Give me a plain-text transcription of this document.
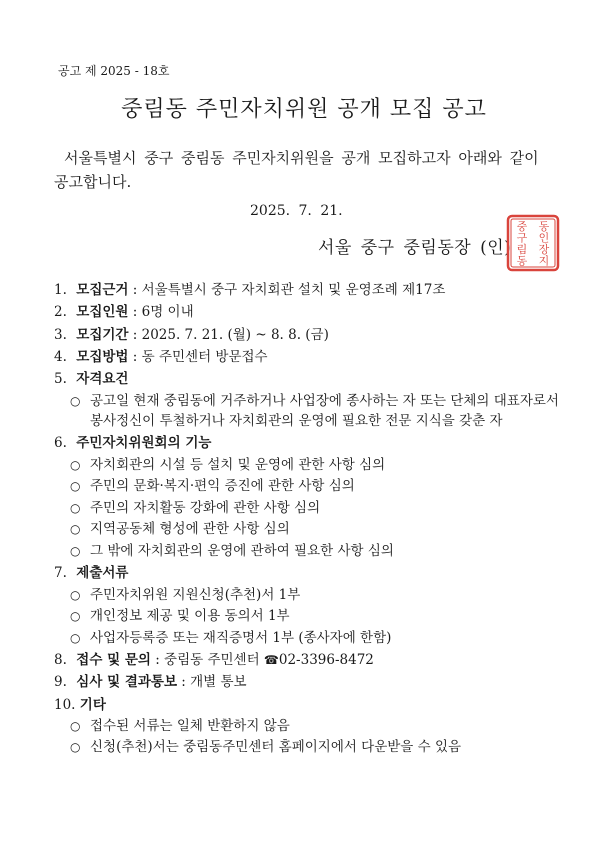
공고 제 2025 - 18호
중림동 주민자치위원 공개 모집 공고
서울특별시 중구 중림동 주민자치위원을 공개 모집하고자 아래와 같이 공고합니다.
2025. 7. 21.
서울 중구 중림동장 (인)
중
구
림
동
동
인
장
지
1. 모집근거 : 서울특별시 중구 자치회관 설치 및 운영조례 제17조
2. 모집인원 : 6명 이내
3. 모집기간 : 2025. 7. 21. (월) ~ 8. 8. (금)
4. 모집방법 : 동 주민센터 방문접수
5. 자격요건
○ 공고일 현재 중림동에 거주하거나 사업장에 종사하는 자 또는 단체의 대표자로서 봉사정신이 투철하거나 자치회관의 운영에 필요한 전문 지식을 갖춘 자
6. 주민자치위원회의 기능
○ 자치회관의 시설 등 설치 및 운영에 관한 사항 심의
○ 주민의 문화·복지·편익 증진에 관한 사항 심의
○ 주민의 자치활동 강화에 관한 사항 심의
○ 지역공동체 형성에 관한 사항 심의
○ 그 밖에 자치회관의 운영에 관하여 필요한 사항 심의
7. 제출서류
○ 주민자치위원 지원신청(추천)서 1부
○ 개인정보 제공 및 이용 동의서 1부
○ 사업자등록증 또는 재직증명서 1부 (종사자에 한함)
8. 접수 및 문의 : 중림동 주민센터 ☎02-3396-8472
9. 심사 및 결과통보 : 개별 통보
10. 기타
○ 접수된 서류는 일체 반환하지 않음
○ 신청(추천)서는 중림동주민센터 홈페이지에서 다운받을 수 있음
